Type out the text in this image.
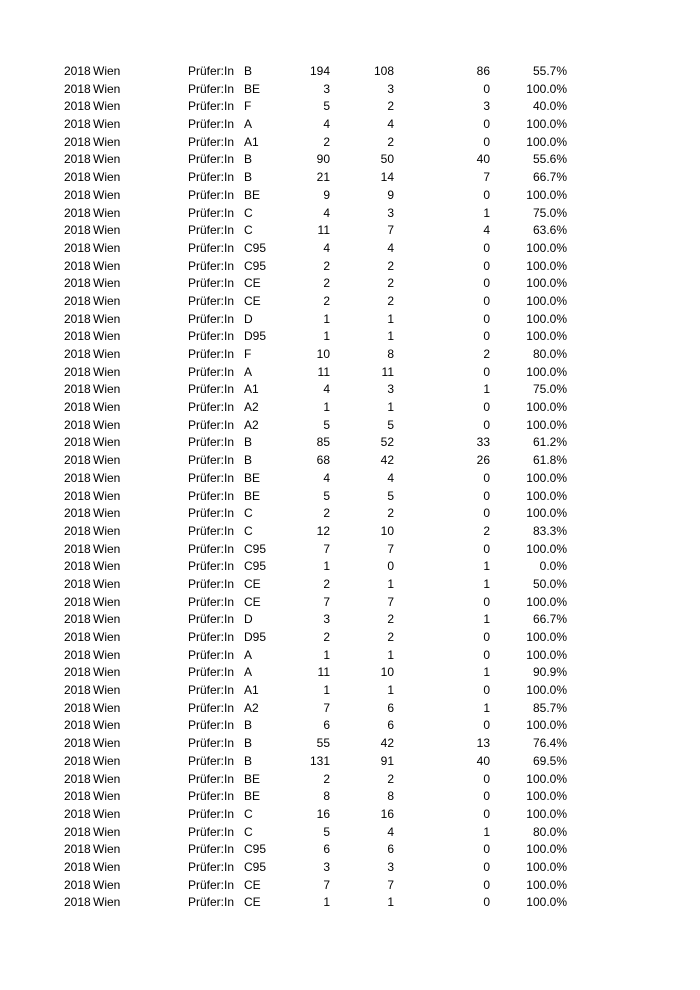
2018 Wien	Prüfer:In B	194	108	86	55.7%
2018 Wien	Prüfer:In BE	3	3	0	100.0%
2018 Wien	Prüfer:In F	5	2	3	40.0%
2018 Wien	Prüfer:In A	4	4	0	100.0%
2018 Wien	Prüfer:In A1	2	2	0	100.0%
2018 Wien	Prüfer:In B	90	50	40	55.6%
2018 Wien	Prüfer:In B	21	14	7	66.7%
2018 Wien	Prüfer:In BE	9	9	0	100.0%
2018 Wien	Prüfer:In C	4	3	1	75.0%
2018 Wien	Prüfer:In C	11	7	4	63.6%
2018 Wien	Prüfer:In C95	4	4	0	100.0%
2018 Wien	Prüfer:In C95	2	2	0	100.0%
2018 Wien	Prüfer:In CE	2	2	0	100.0%
2018 Wien	Prüfer:In CE	2	2	0	100.0%
2018 Wien	Prüfer:In D	1	1	0	100.0%
2018 Wien	Prüfer:In D95	1	1	0	100.0%
2018 Wien	Prüfer:In F	10	8	2	80.0%
2018 Wien	Prüfer:In A	11	11	0	100.0%
2018 Wien	Prüfer:In A1	4	3	1	75.0%
2018 Wien	Prüfer:In A2	1	1	0	100.0%
2018 Wien	Prüfer:In A2	5	5	0	100.0%
2018 Wien	Prüfer:In B	85	52	33	61.2%
2018 Wien	Prüfer:In B	68	42	26	61.8%
2018 Wien	Prüfer:In BE	4	4	0	100.0%
2018 Wien	Prüfer:In BE	5	5	0	100.0%
2018 Wien	Prüfer:In C	2	2	0	100.0%
2018 Wien	Prüfer:In C	12	10	2	83.3%
2018 Wien	Prüfer:In C95	7	7	0	100.0%
2018 Wien	Prüfer:In C95	1	0	1	0.0%
2018 Wien	Prüfer:In CE	2	1	1	50.0%
2018 Wien	Prüfer:In CE	7	7	0	100.0%
2018 Wien	Prüfer:In D	3	2	1	66.7%
2018 Wien	Prüfer:In D95	2	2	0	100.0%
2018 Wien	Prüfer:In A	1	1	0	100.0%
2018 Wien	Prüfer:In A	11	10	1	90.9%
2018 Wien	Prüfer:In A1	1	1	0	100.0%
2018 Wien	Prüfer:In A2	7	6	1	85.7%
2018 Wien	Prüfer:In B	6	6	0	100.0%
2018 Wien	Prüfer:In B	55	42	13	76.4%
2018 Wien	Prüfer:In B	131	91	40	69.5%
2018 Wien	Prüfer:In BE	2	2	0	100.0%
2018 Wien	Prüfer:In BE	8	8	0	100.0%
2018 Wien	Prüfer:In C	16	16	0	100.0%
2018 Wien	Prüfer:In C	5	4	1	80.0%
2018 Wien	Prüfer:In C95	6	6	0	100.0%
2018 Wien	Prüfer:In C95	3	3	0	100.0%
2018 Wien	Prüfer:In CE	7	7	0	100.0%
2018 Wien	Prüfer:In CE	1	1	0	100.0%
